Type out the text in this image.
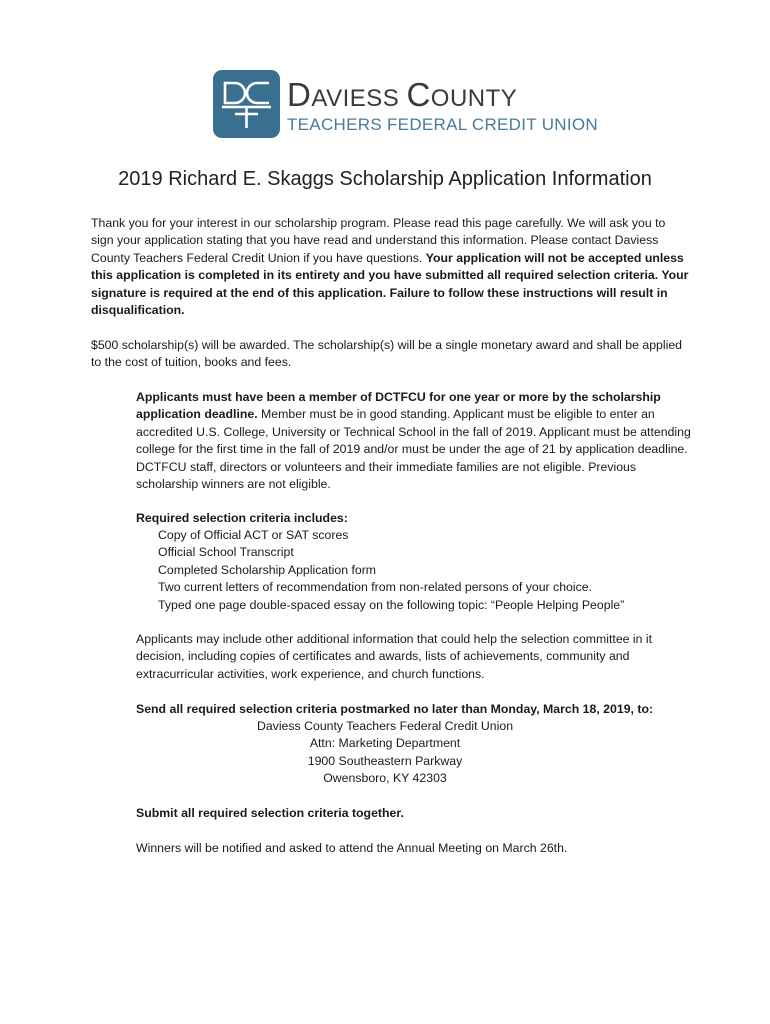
DAVIESS COUNTY
TEACHERS FEDERAL CREDIT UNION
2019 Richard E. Skaggs Scholarship Application Information
Thank you for your interest in our scholarship program. Please read this page carefully. We will ask you to sign your application stating that you have read and understand this information. Please contact Daviess County Teachers Federal Credit Union if you have questions. Your application will not be accepted unless this application is completed in its entirety and you have submitted all required selection criteria. Your signature is required at the end of this application. Failure to follow these instructions will result in disqualification.
$500 scholarship(s) will be awarded. The scholarship(s) will be a single monetary award and shall be applied to the cost of tuition, books and fees.
Applicants must have been a member of DCTFCU for one year or more by the scholarship application deadline. Member must be in good standing. Applicant must be eligible to enter an accredited U.S. College, University or Technical School in the fall of 2019. Applicant must be attending college for the first time in the fall of 2019 and/or must be under the age of 21 by application deadline. DCTFCU staff, directors or volunteers and their immediate families are not eligible. Previous scholarship winners are not eligible.
Required selection criteria includes:
Copy of Official ACT or SAT scores
Official School Transcript
Completed Scholarship Application form
Two current letters of recommendation from non-related persons of your choice.
Typed one page double-spaced essay on the following topic: “People Helping People”
Applicants may include other additional information that could help the selection committee in it decision, including copies of certificates and awards, lists of achievements, community and extracurricular activities, work experience, and church functions.
Send all required selection criteria postmarked no later than Monday, March 18, 2019, to:
Daviess County Teachers Federal Credit Union
Attn: Marketing Department
1900 Southeastern Parkway
Owensboro, KY 42303
Submit all required selection criteria together.
Winners will be notified and asked to attend the Annual Meeting on March 26th.
